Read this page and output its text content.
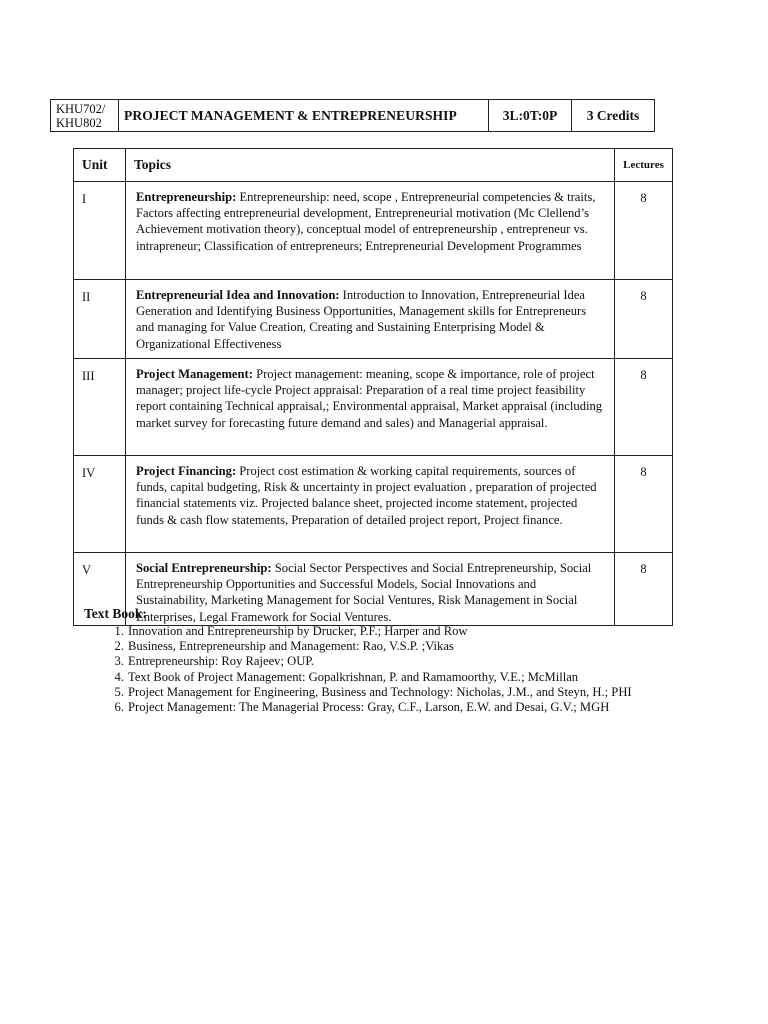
KHU702/
KHU802	PROJECT MANAGEMENT & ENTREPRENEURSHIP	3L:0T:0P	3 Credits
Unit	Topics	Lectures
I	Entrepreneurship: Entrepreneurship: need, scope , Entrepreneurial competencies & traits, Factors affecting entrepreneurial development, Entrepreneurial motivation (Mc Clellend’s Achievement motivation theory), conceptual model of entrepreneurship , entrepreneur vs. intrapreneur; Classification of entrepreneurs; Entrepreneurial Development Programmes	8
II	Entrepreneurial Idea and Innovation: Introduction to Innovation, Entrepreneurial Idea Generation and Identifying Business Opportunities, Management skills for Entrepreneurs and managing for Value Creation, Creating and Sustaining Enterprising Model & Organizational Effectiveness	8
III	Project Management: Project management: meaning, scope & importance, role of project manager; project life-cycle Project appraisal: Preparation of a real time project feasibility report containing Technical appraisal,; Environmental appraisal, Market appraisal (including market survey for forecasting future demand and sales) and Managerial appraisal.	8
IV	Project Financing: Project cost estimation & working capital requirements, sources of funds, capital budgeting, Risk & uncertainty in project evaluation , preparation of projected financial statements viz. Projected balance sheet, projected income statement, projected funds & cash flow statements, Preparation of detailed project report, Project finance.	8
V	Social Entrepreneurship: Social Sector Perspectives and Social Entrepreneurship, Social Entrepreneurship Opportunities and Successful Models, Social Innovations and Sustainability, Marketing Management for Social Ventures, Risk Management in Social Enterprises, Legal Framework for Social Ventures.	8

Text Book:

1. Innovation and Entrepreneurship by Drucker, P.F.; Harper and Row
2. Business, Entrepreneurship and Management: Rao, V.S.P. ;Vikas
3. Entrepreneurship: Roy Rajeev; OUP.
4. Text Book of Project Management: Gopalkrishnan, P. and Ramamoorthy, V.E.; McMillan
5. Project Management for Engineering, Business and Technology: Nicholas, J.M., and Steyn, H.; PHI
6. Project Management: The Managerial Process: Gray, C.F., Larson, E.W. and Desai, G.V.; MGH
